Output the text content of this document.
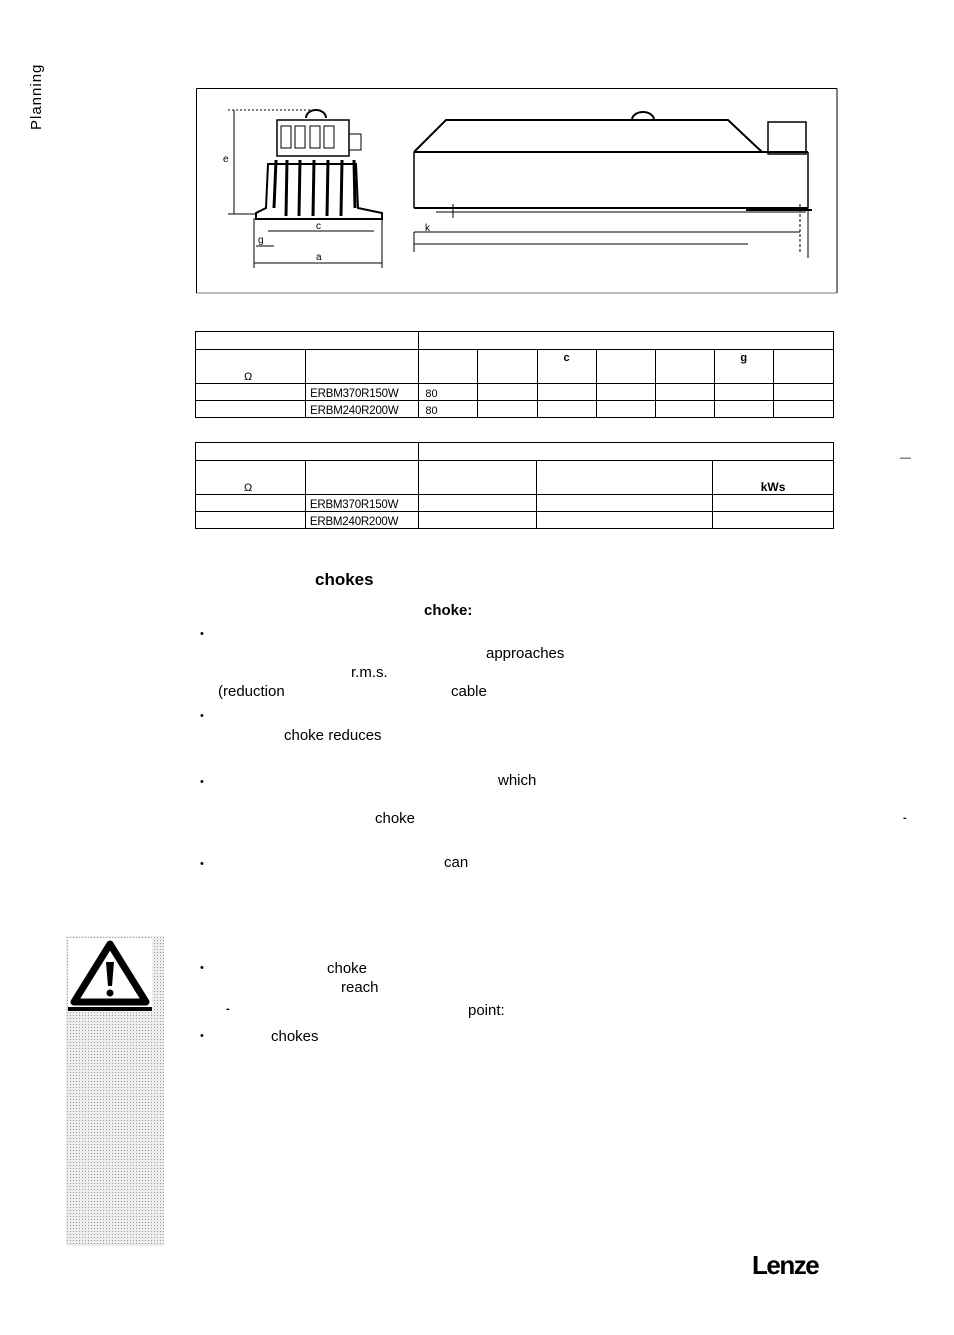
Planning
e
c
g
a
k

Ω				c			g	
	ERBM370R150W	80						
	ERBM240R200W	80						

Ω				kWs
	ERBM370R150W			
	ERBM240R200W			
—
-
chokes
choke:
•
•
•
•
•
-
•
approaches
r.m.s.
(reduction	cable
choke reduces
which
choke
can
choke
reach
point:
chokes
Lenze
